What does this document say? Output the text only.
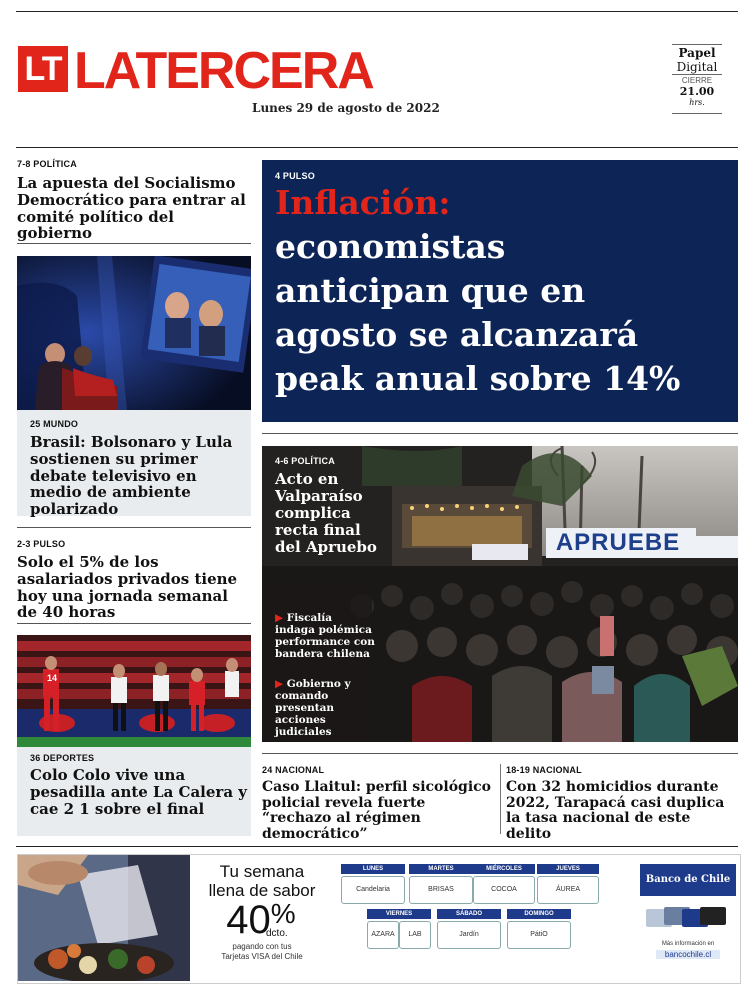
LT LATERCERA
Lunes 29 de agosto de 2022
Papel
Digital
CIERRE
21.00
hrs.
7-8 POLÍTICA
La apuesta del Socialismo Democrático para entrar al comité político del gobierno
25 MUNDO
Brasil: Bolsonaro y Lula sostienen su primer debate televisivo en medio de ambiente polarizado
2-3 PULSO
Solo el 5% de los asalariados privados tiene hoy una jornada semanal de 40 horas
14
36 DEPORTES
Colo Colo vive una pesadilla ante La Calera y cae 2 1 sobre el final
4 PULSO
Inflación:
economistas
anticipan que en
agosto se alcanzará
peak anual sobre 14%
APRUEBE
4-6 POLÍTICA
Acto en
Valparaíso
complica
recta final
del Apruebo
▶ Fiscalía indaga polémica performance con bandera chilena
▶ Gobierno y comando presentan acciones judiciales
24 NACIONAL
Caso Llaitul: perfil sicológico policial revela fuerte “rechazo al régimen democrático”
18-19 NACIONAL
Con 32 homicidios durante 2022, Tarapacá casi duplica la tasa nacional de este delito
Tu semana
llena de sabor
40%
dcto.
pagando con tus
Tarjetas VISA del Chile
LUNES
Candelaria
MARTES
BRISAS
MIÉRCOLES
COCOA
JUEVES
ÁUREA
VIERNES
AZARA	LAB
SÁBADO
Jardín
DOMINGO
PátiO
Banco de Chile
Más información en
bancochile.cl
